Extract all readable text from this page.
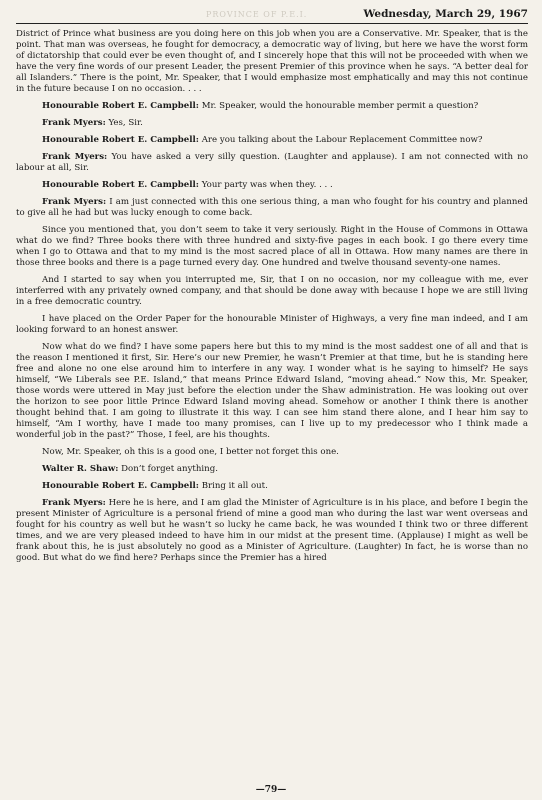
PROVINCE OF P.E.I.	Wednesday, March 29, 1967

District of Prince what business are you doing here on this job when you are a Conservative. Mr. Speaker, that is the point. That man was overseas, he fought for democracy, a democratic way of living, but here we have the worst form of dictatorship that could ever be even thought of, and I sincerely hope that this will not be proceeded with when we have the very fine words of our present Leader, the present Premier of this province when he says. “A better deal for all Islanders.” There is the point, Mr. Speaker, that I would emphasize most emphatically and may this not continue in the future because I on no occasion. . . .

Honourable Robert E. Campbell: Mr. Speaker, would the honourable member permit a question?

Frank Myers: Yes, Sir.

Honourable Robert E. Campbell: Are you talking about the Labour Replacement Committee now?

Frank Myers: You have asked a very silly question. (Laughter and applause). I am not connected with no labour at all, Sir.

Honourable Robert E. Campbell: Your party was when they. . . .

Frank Myers: I am just connected with this one serious thing, a man who fought for his country and planned to give all he had but was lucky enough to come back.

Since you mentioned that, you don’t seem to take it very seriously. Right in the House of Commons in Ottawa what do we find? Three books there with three hundred and sixty-five pages in each book. I go there every time when I go to Ottawa and that to my mind is the most sacred place of all in Ottawa. How many names are there in those three books and there is a page turned every day. One hundred and twelve thousand seventy-one names.

And I started to say when you interrupted me, Sir, that I on no occasion, nor my colleague with me, ever interferred with any privately owned company, and that should be done away with because I hope we are still living in a free democratic country.

I have placed on the Order Paper for the honourable Minister of Highways, a very fine man indeed, and I am looking forward to an honest answer.

Now what do we find? I have some papers here but this to my mind is the most saddest one of all and that is the reason I mentioned it first, Sir. Here’s our new Premier, he wasn’t Premier at that time, but he is standing here free and alone no one else around him to interfere in any way. I wonder what is he saying to himself? He says himself, “We Liberals see P.E. Island,” that means Prince Edward Island, “moving ahead.” Now this, Mr. Speaker, those words were uttered in May just before the election under the Shaw administration. He was looking out over the horizon to see poor little Prince Edward Island moving ahead. Somehow or another I think there is another thought behind that. I am going to illustrate it this way. I can see him stand there alone, and I hear him say to himself, “Am I worthy, have I made too many promises, can I live up to my predecessor who I think made a wonderful job in the past?” Those, I feel, are his thoughts.

Now, Mr. Speaker, oh this is a good one, I better not forget this one.

Walter R. Shaw: Don’t forget anything.

Honourable Robert E. Campbell: Bring it all out.

Frank Myers: Here he is here, and I am glad the Minister of Agriculture is in his place, and before I begin the present Minister of Agriculture is a personal friend of mine a good man who during the last war went overseas and fought for his country as well but he wasn’t so lucky he came back, he was wounded I think two or three different times, and we are very pleased indeed to have him in our midst at the present time. (Applause) I might as well be frank about this, he is just absolutely no good as a Minister of Agriculture. (Laughter) In fact, he is worse than no good. But what do we find here? Perhaps since the Premier has a hired

—79—
